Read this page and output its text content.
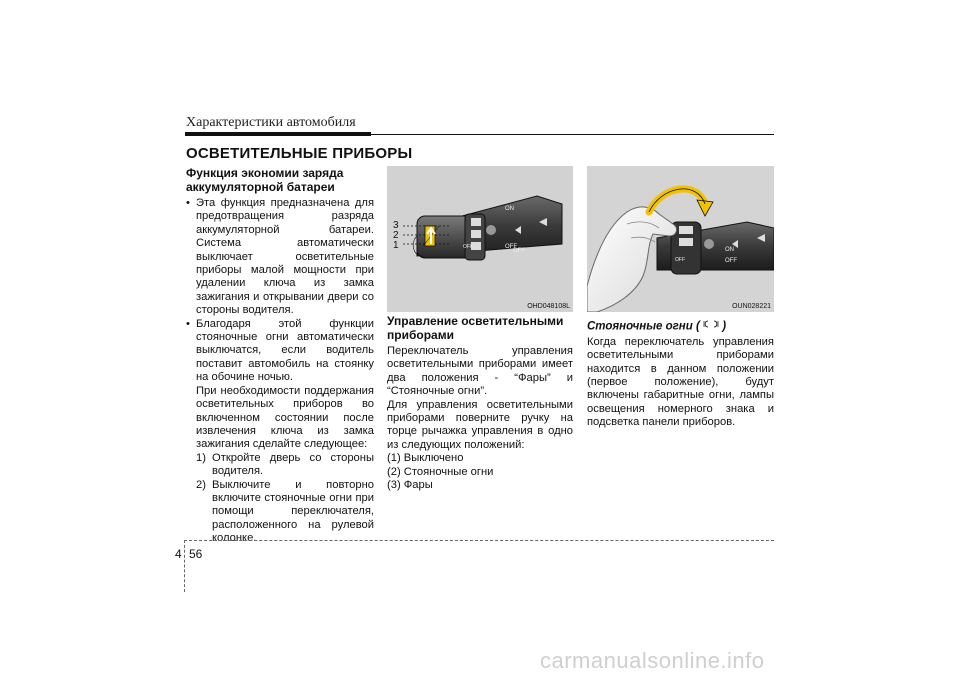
Характеристики автомобиля
ОСВЕТИТЕЛЬНЫЕ ПРИБОРЫ
Функция экономии заряда аккумуляторной батареи

• Эта функция предназначена для предотвращения разряда аккумуляторной батареи. Система автоматически выключает осветительные приборы малой мощности при удалении ключа из замка зажигания и открывании двери со стороны водителя.

• Благодаря этой функции стояночные огни автоматически выключатся, если водитель поставит автомобиль на стоянку на обочине ночью.

При необходимости поддержания осветительных приборов во включенном состоянии после извлечения ключа из замка зажигания сделайте следующее:

1) Откройте дверь со стороны водителя.
2) Выключите и повторно включите стояночные огни при помощи переключателя, расположенного на рулевой колонке.
OFF
OFF
3
2
1
ON
OFF
OHD048108L
OFF
ON
OFF
OUN028221
Управление осветительными приборами

Переключатель управления осветительными приборами имеет два положения - “Фары” и “Стояночные огни”.

Для управления осветительными приборами поверните ручку на торце рычажка управления в одно из следующих положений:

(1) Выключено

(2) Стояночные огни

(3) Фары

Стояночные огни ( )

Когда переключатель управления осветительными приборами находится в данном положении (первое положение), будут включены габаритные огни, лампы освещения номерного знака и подсветка панели приборов.

4 56
carmanualsonline.info
